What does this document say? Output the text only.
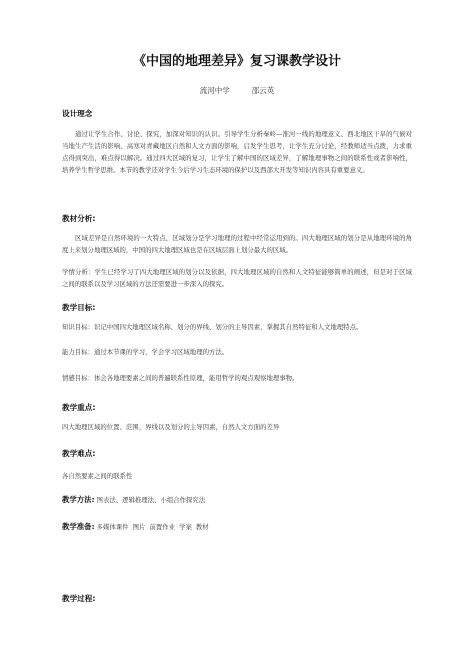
《中国的地理差异》复习课教学设计
流河中学	邵云英
设计理念
通过让学生合作、讨论、探究，加深对知识的认识。引导学生分析秦岭—淮河一线的地理意义、西北地区干旱的气候对当地生产生活的影响、高寒对青藏地区自然和人文方面的影响，启发学生思考，让学生充分讨论，经教师适当点拨，力求重点得到突出，难点得以解决。通过四大区域的复习，让学生了解中国的区域差异，了解地理事物之间的联系性或者影响性，培养学生哲学思维。本节的教学还对学生今后学习生态环境的保护以及西部大开发等知识内容具有重要意义。
教材分析:
区域差异是自然环境的一大特点，区域划分是学习地理的过程中经常运用到的。四大地理区域的划分是从地理环境的角度上来划分地理区域的，中国的四大地理区域也是在区域层面上划分最大的区域。
学情分析：学生已经学习了四大地理区域的划分以及依据，四大地理区域的自然和人文特征能够简单的阐述，但是对于区域之间的联系以及学习区域的方法还需要进一步深入的探究。
教学目标:
知识目标：识记中国四大地理区域名称、划分的界线、划分的主导因素，掌握其自然特征和人文地理特点。
能力目标：通过本节课的学习，学会学习区域地理的方法。
情感目标：体会各地理要素之间的普遍联系性原理，能用哲学的观点观察地理事物。
教学重点:
四大地理区域的位置、范围、界线以及划分的主导因素，自然人文方面的差异
教学难点:
各自然要素之间的联系性
教学方法: 图表法、逻辑推理法、小组合作探究法
教学准备: 多媒体课件  图片  前置作业  学案  教材
教学过程:
